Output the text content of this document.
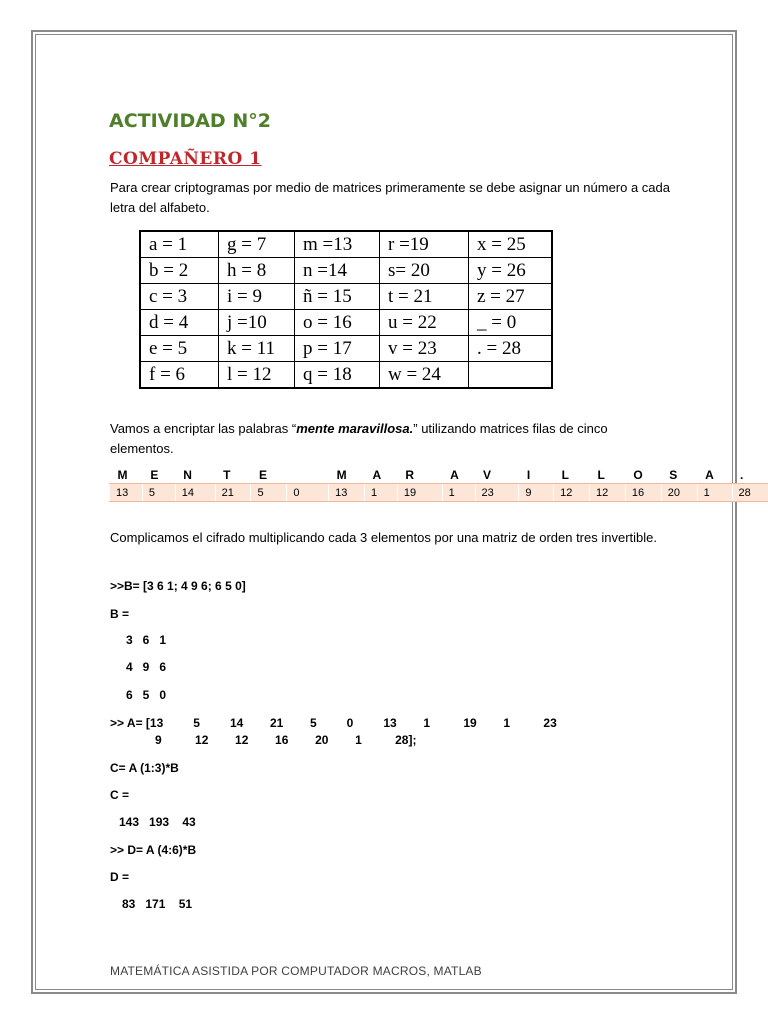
ACTIVIDAD N°2
COMPAÑERO 1
Para crear criptogramas por medio de matrices primeramente se debe asignar un número a cada letra del alfabeto.
a = 1	g = 7	m =13	r =19	x = 25
b = 2	h = 8	n =14	s= 20	y = 26
c = 3	i = 9	ñ = 15	t = 21	z = 27
d = 4	j =10	o = 16	u = 22	_ = 0
e = 5	k = 11	p = 17	v = 23	. = 28
f = 6	l = 12	q = 18	w = 24	
Vamos a encriptar las palabras “mente maravillosa.” utilizando matrices filas de cinco elementos.
M	E	N	T	E		M	A	R	A	V	I	L	L	O	S	A	.
13	5	14	21	5	0	13	1	19	1	23	9	12	12	16	20	1	28
Complicamos el cifrado multiplicando cada 3 elementos por una matriz de orden tres invertible.
>>B= [3 6 1; 4 9 6; 6 5 0]
B =
3   6   1
4   9   6
6   5   0
>> A= [13         5         14        21        5         0         13        1          19        1          23
9          12        12        16        20        1          28];
C= A (1:3)*B
C =
143   193    43
>> D= A (4:6)*B
D =
83   171    51
MATEMÁTICA ASISTIDA POR COMPUTADOR MACROS, MATLAB
